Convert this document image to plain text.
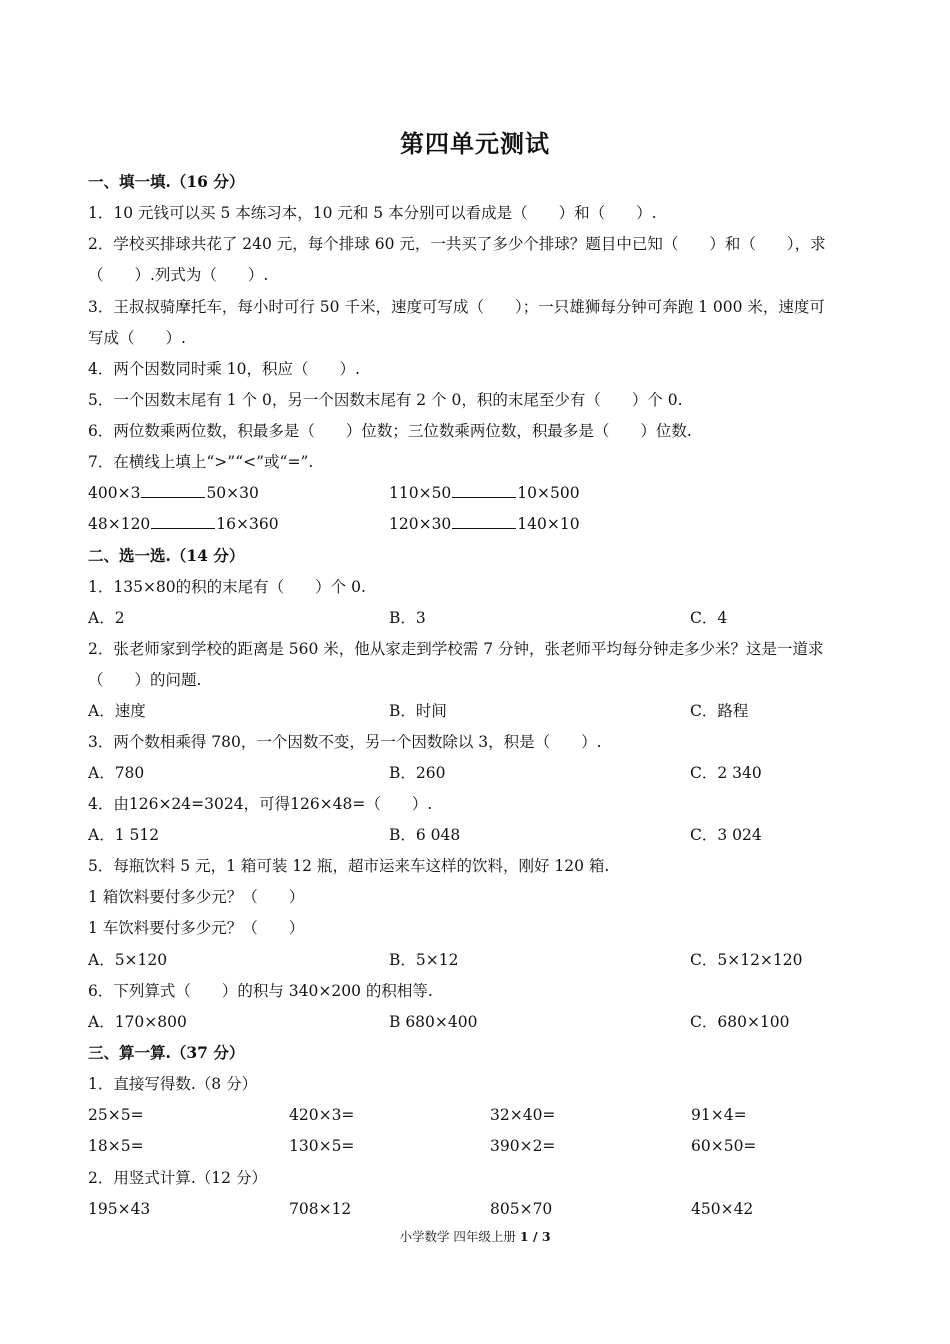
第四单元测试
一、填一填.（16 分）
1．10 元钱可以买 5 本练习本，10 元和 5 本分别可以看成是（　　）和（　　）.
2．学校买排球共花了 240 元，每个排球 60 元，一共买了多少个排球？题目中已知（　　）和（　　），求
（　　）.列式为（　　）.
3．王叔叔骑摩托车，每小时可行 50 千米，速度可写成（　　）；一只雄狮每分钟可奔跑 1 000 米，速度可
写成（　　）.
4．两个因数同时乘 10，积应（　　）.
5．一个因数末尾有 1 个 0，另一个因数末尾有 2 个 0，积的末尾至少有（　　）个 0.
6．两位数乘两位数，积最多是（　　）位数；三位数乘两位数，积最多是（　　）位数.
7．在横线上填上“>”“<”或“=”.
400×3	50×30	110×50	10×500
48×120	16×360	120×30	140×10
二、选一选.（14 分）
1．135×80的积的末尾有（　　）个 0.
A．2	B．3	C．4
2．张老师家到学校的距离是 560 米，他从家走到学校需 7 分钟，张老师平均每分钟走多少米？这是一道求
（　　）的问题.
A．速度	B．时间	C．路程
3．两个数相乘得 780，一个因数不变，另一个因数除以 3，积是（　　）.
A．780	B．260	C．2 340
4．由126×24=3024，可得126×48=（　　）.
A．1 512	B．6 048	C．3 024
5．每瓶饮料 5 元，1 箱可装 12 瓶，超市运来车这样的饮料，刚好 120 箱.
1 箱饮料要付多少元？（　　）
1 车饮料要付多少元？（　　）
A．5×120	B．5×12	C．5×12×120
6．下列算式（　　）的积与 340×200 的积相等.
A．170×800	B 680×400	C．680×100
三、算一算.（37 分）
1．直接写得数.（8 分）
25×5=	420×3=	32×40=	91×4=
18×5=	130×5=	390×2=	60×50=
2．用竖式计算.（12 分）
195×43	708×12	805×70	450×42
小学数学 四年级上册 1 / 3
